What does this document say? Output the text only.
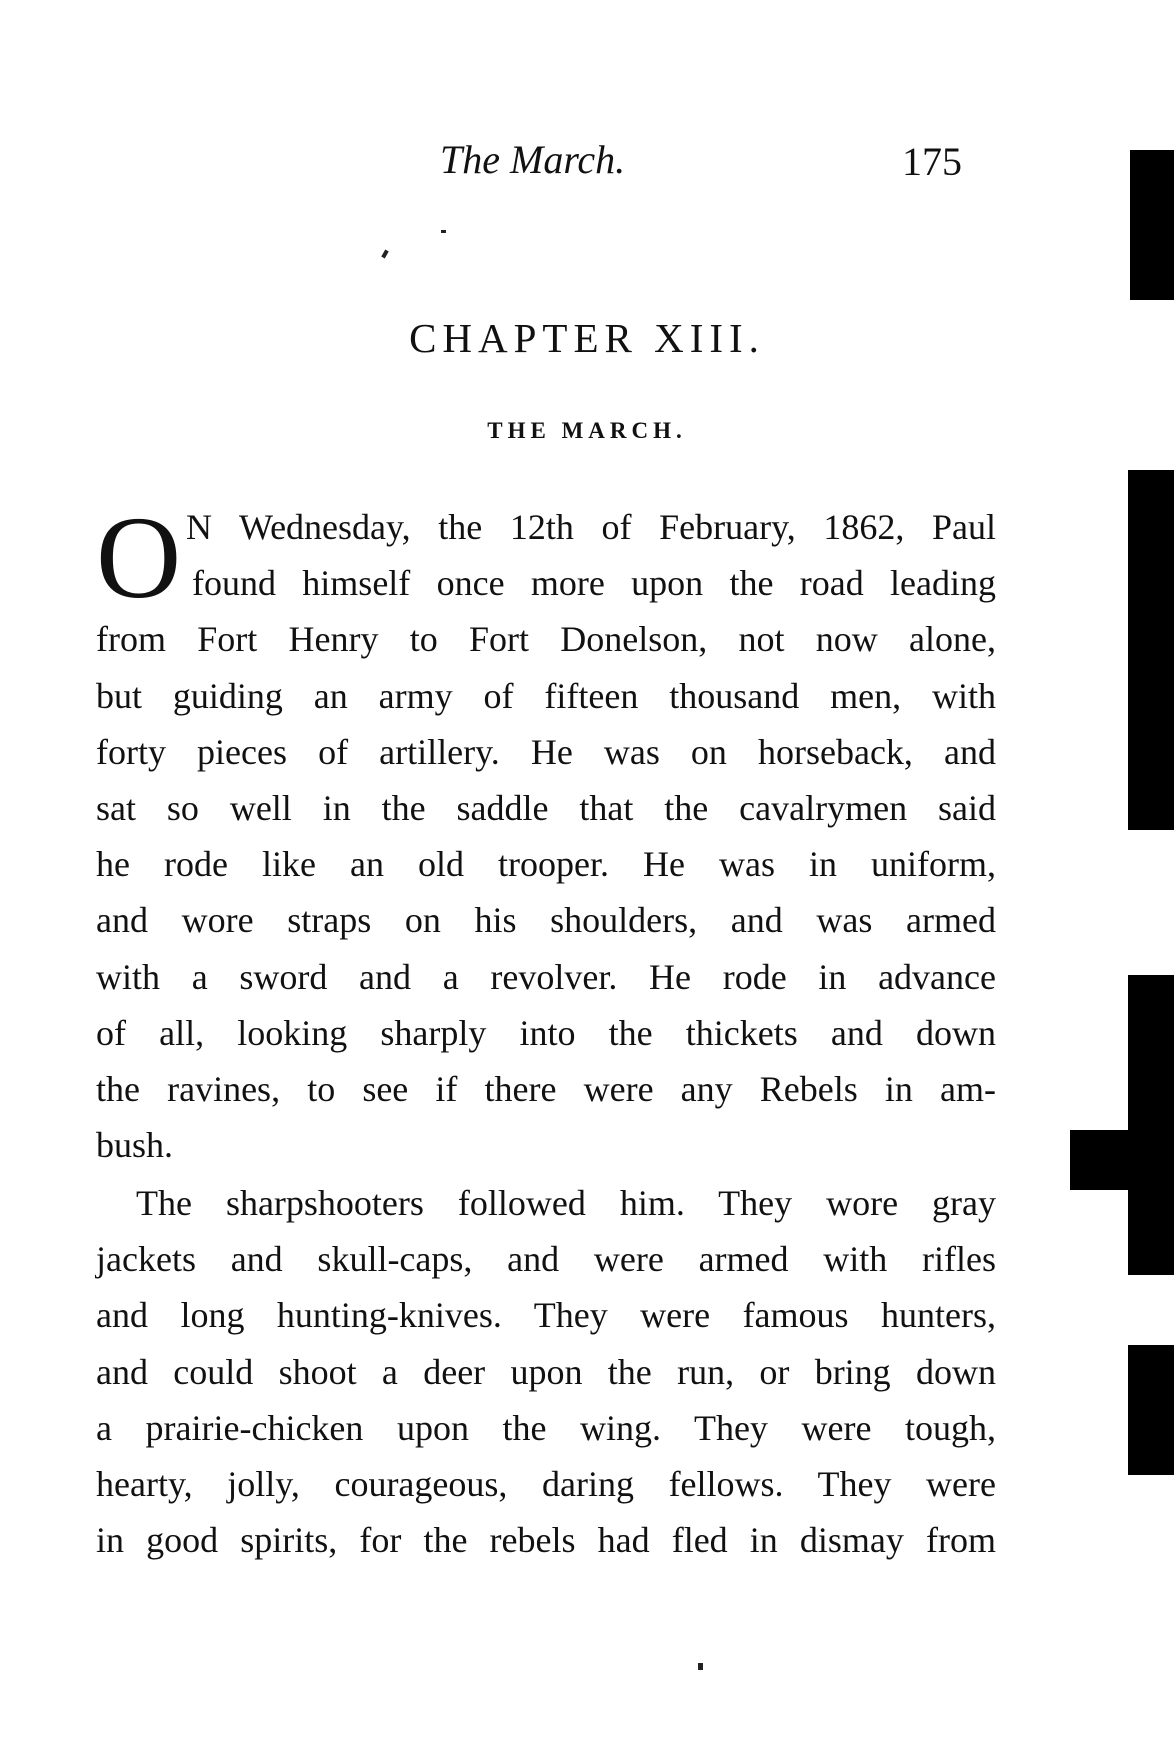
The March.	175
CHAPTER XIII.
THE MARCH.
O N Wednesday, the 12th of February, 1862, Paul
found himself once more upon the road leading
from Fort Henry to Fort Donelson, not now alone,
but guiding an army of fifteen thousand men, with
forty pieces of artillery. He was on horseback, and
sat so well in the saddle that the cavalrymen said
he rode like an old trooper. He was in uniform,
and wore straps on his shoulders, and was armed
with a sword and a revolver. He rode in advance
of all, looking sharply into the thickets and down
the ravines, to see if there were any Rebels in am-
bush.
The sharpshooters followed him. They wore gray
jackets and skull-caps, and were armed with rifles
and long hunting-knives. They were famous hunters,
and could shoot a deer upon the run, or bring down
a prairie-chicken upon the wing. They were tough,
hearty, jolly, courageous, daring fellows. They were
in good spirits, for the rebels had fled in dismay from
